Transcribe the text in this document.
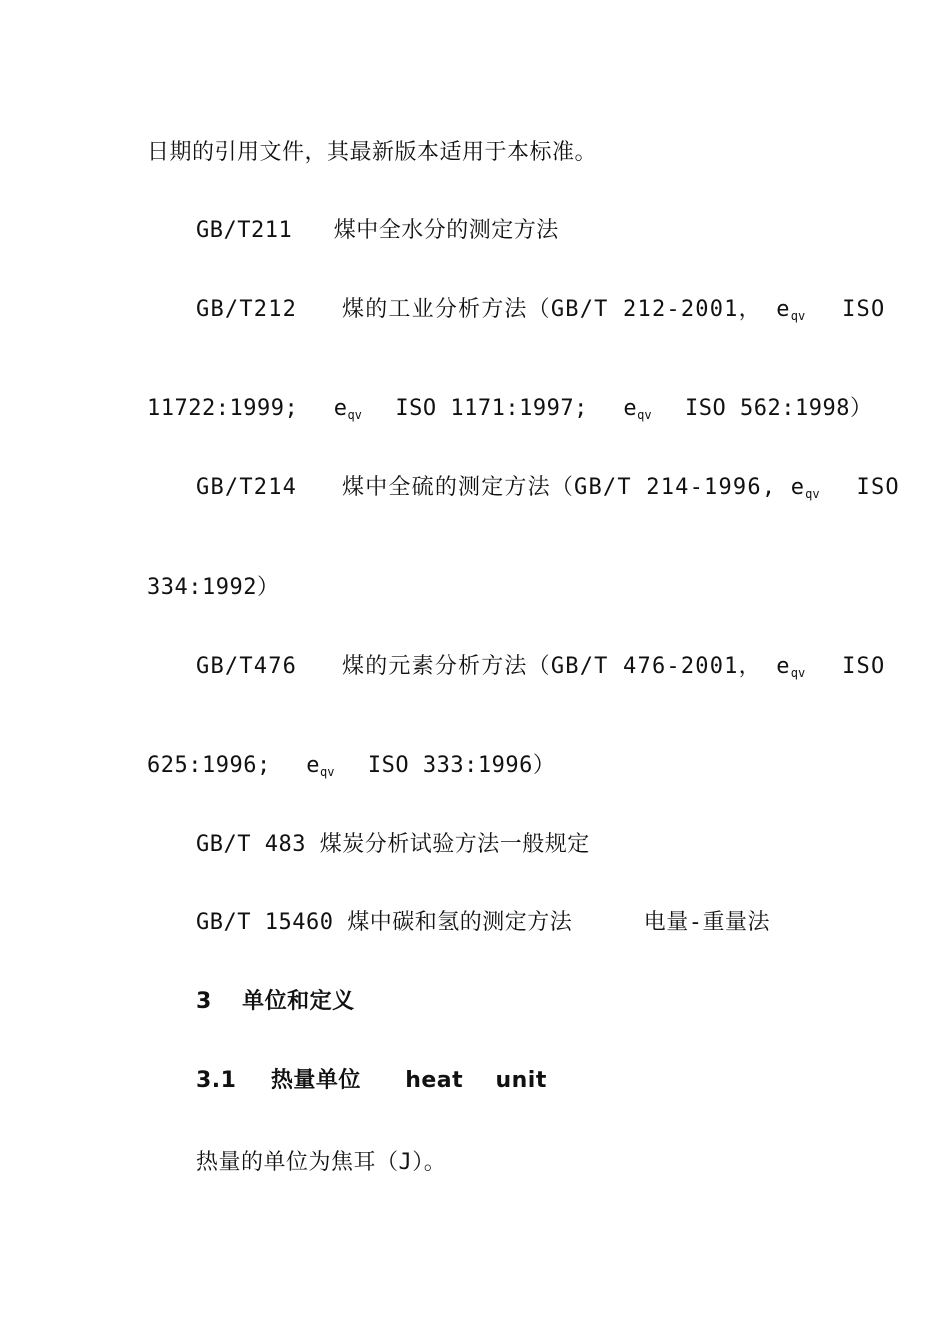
日期的引用文件，其最新版本适用于本标准。
GB/T211 煤中全水分的测定方法
GB/T212 煤的工业分析方法（GB/T 212-2001， $e_{qv}$ ISO
11722:1999; $e_{qv}$ ISO 1171:1997; $e_{qv}$ ISO 562:1998）
GB/T214 煤中全硫的测定方法（GB/T 214-1996, $e_{qv}$ ISO
334:1992）
GB/T476 煤的元素分析方法（GB/T 476-2001， $e_{qv}$ ISO
625:1996; $e_{qv}$ ISO 333:1996）
GB/T 483 煤炭分析试验方法一般规定
GB/T 15460 煤中碳和氢的测定方法	电量-重量法
3 单位和定义
3.1 热量单位 heat unit
热量的单位为焦耳（J）。
